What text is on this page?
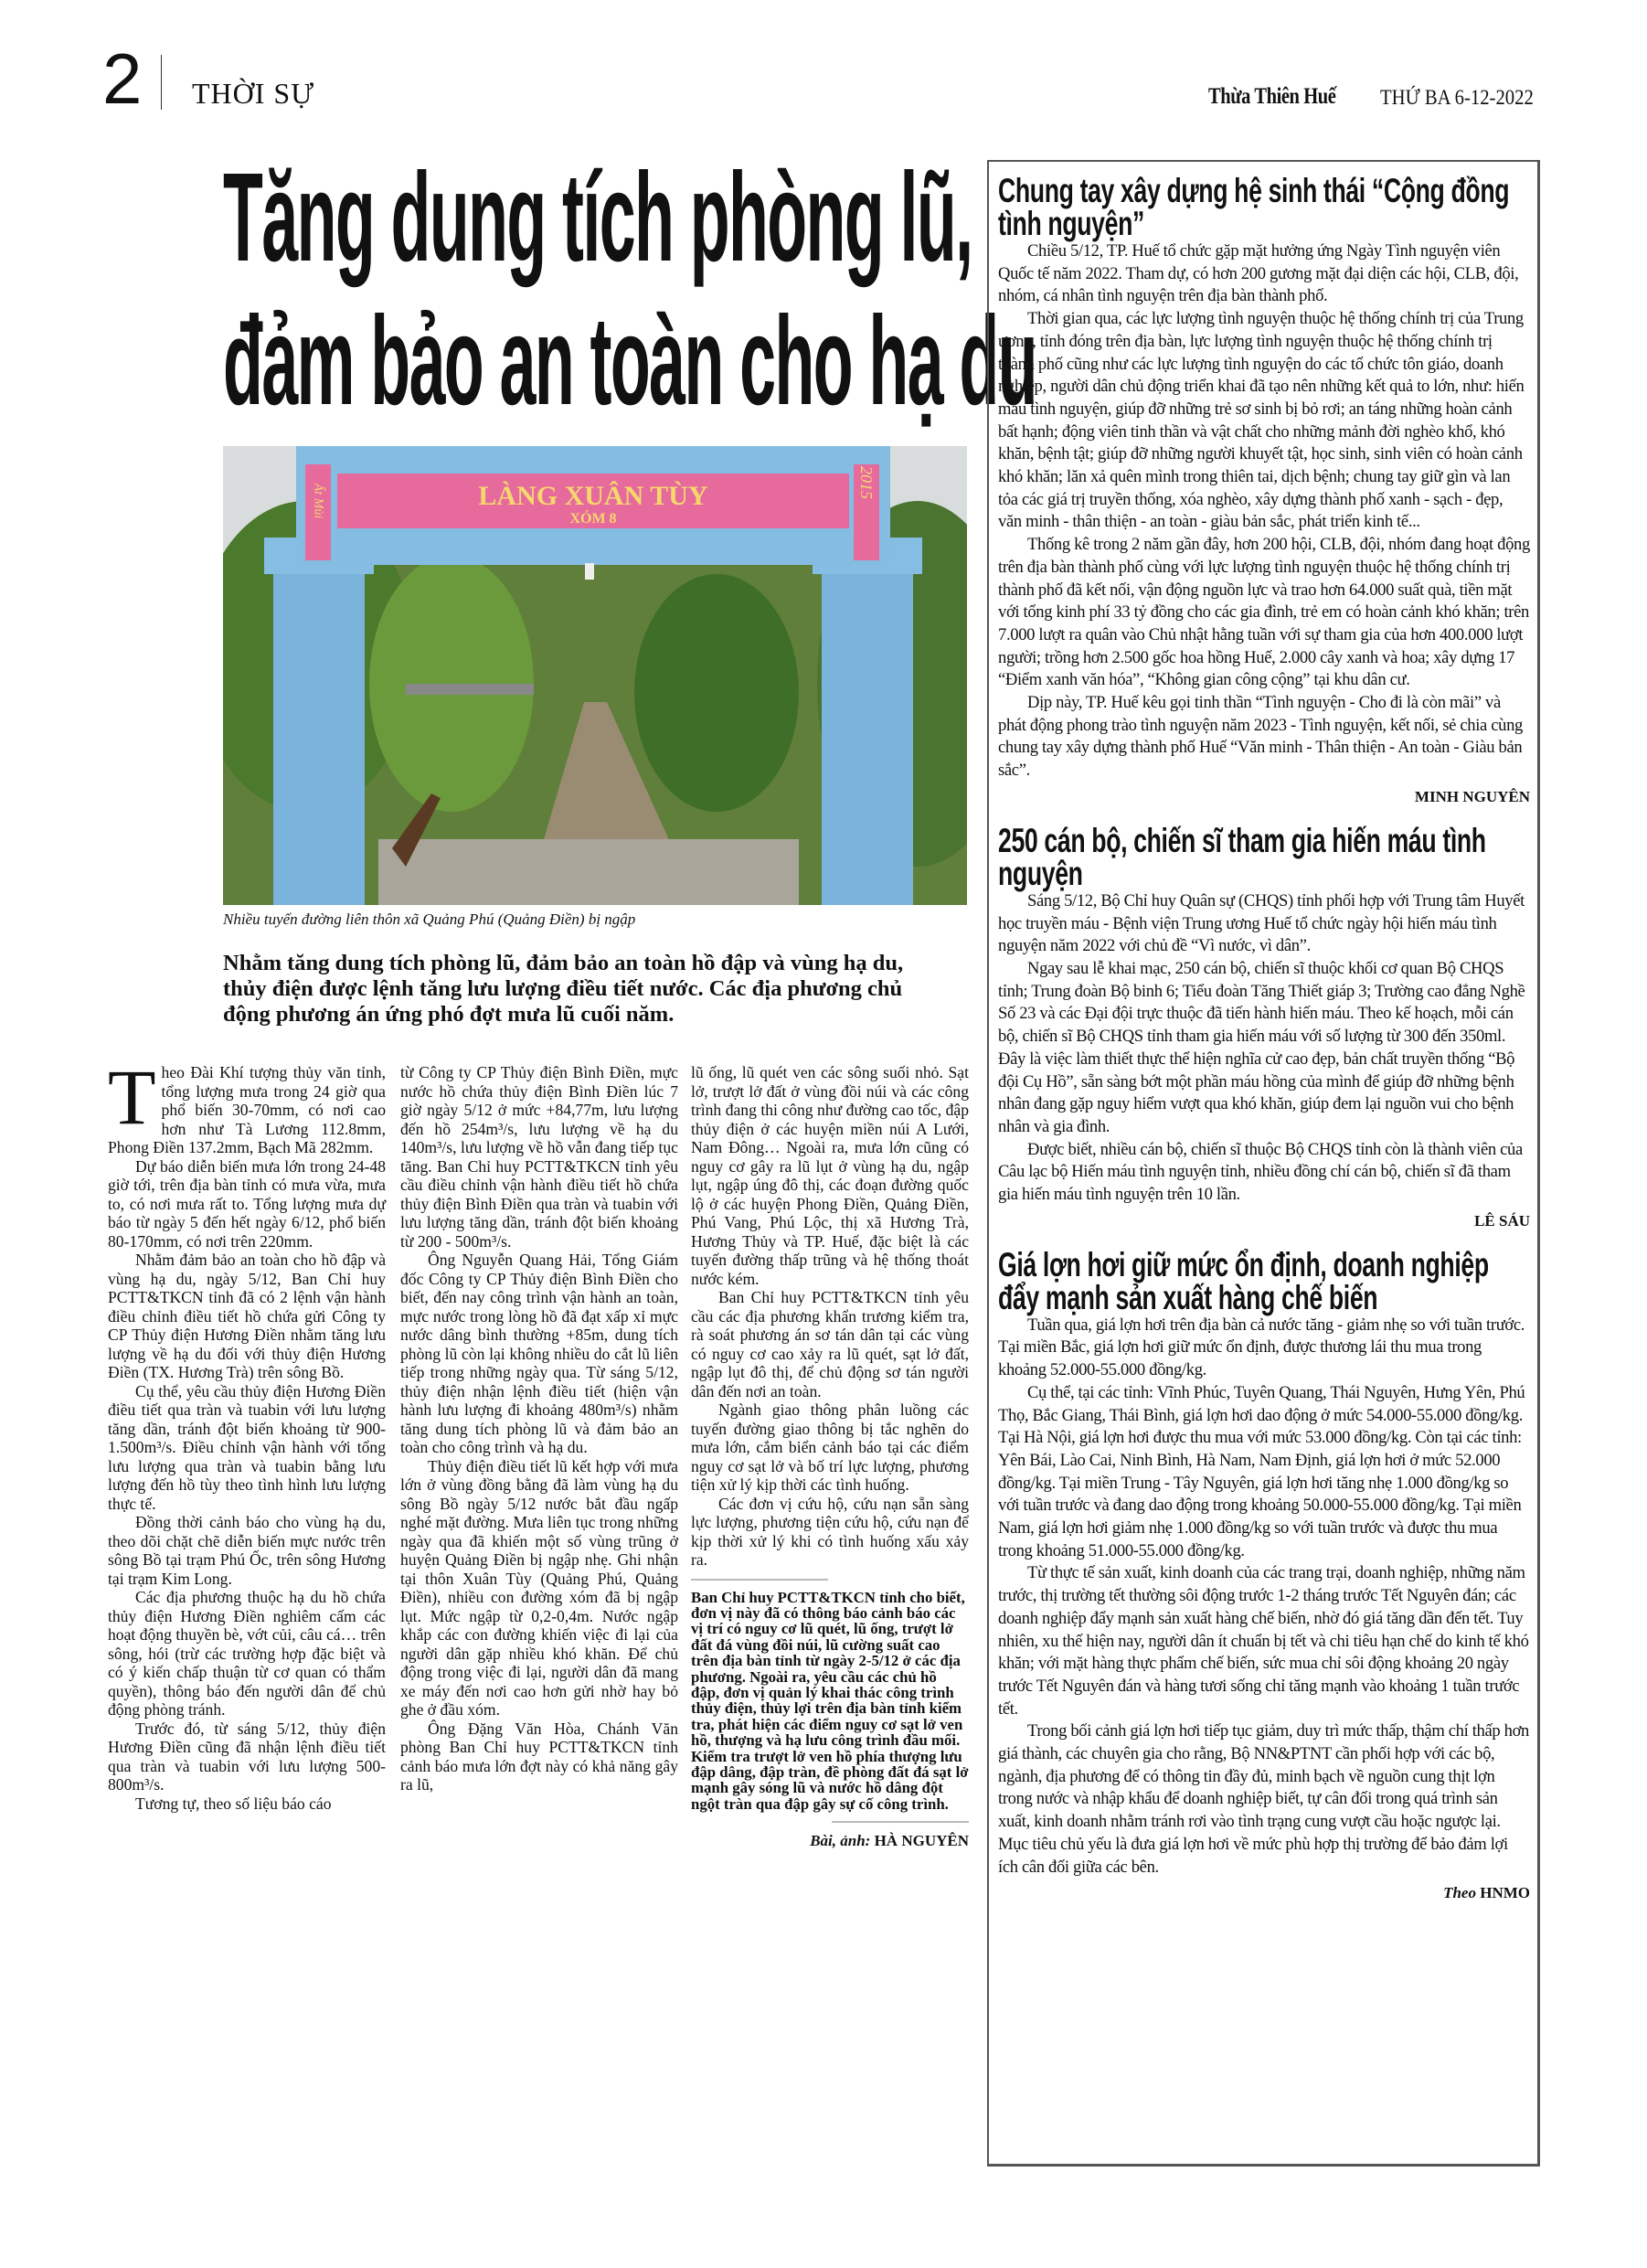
2 THỜI SỰ	Thừa Thiên Huế THỨ BA 6-12-2022
Tăng dung tích phòng lũ,
đảm bảo an toàn cho hạ du
LÀNG XUÂN TÙY
XÓM 8
Ất Mùi
2015
Nhiều tuyến đường liên thôn xã Quảng Phú (Quảng Điền) bị ngập
Nhằm tăng dung tích phòng lũ, đảm bảo an toàn hồ đập và vùng hạ du, thủy điện được lệnh tăng lưu lượng điều tiết nước. Các địa phương chủ động phương án ứng phó đợt mưa lũ cuối năm.

Theo Đài Khí tượng thủy văn tỉnh, tổng lượng mưa trong 24 giờ qua phổ biến 30-70mm, có nơi cao hơn như Tà Lương 112.8mm, Phong Điền 137.2mm, Bạch Mã 282mm.

Dự báo diễn biến mưa lớn trong 24-48 giờ tới, trên địa bàn tỉnh có mưa vừa, mưa to, có nơi mưa rất to. Tổng lượng mưa dự báo từ ngày 5 đến hết ngày 6/12, phổ biến 80-170mm, có nơi trên 220mm.

Nhằm đảm bảo an toàn cho hồ đập và vùng hạ du, ngày 5/12, Ban Chỉ huy PCTT&TKCN tỉnh đã có 2 lệnh vận hành điều chỉnh điều tiết hồ chứa gửi Công ty CP Thủy điện Hương Điền nhằm tăng lưu lượng về hạ du đối với thủy điện Hương Điền (TX. Hương Trà) trên sông Bồ.

Cụ thể, yêu cầu thủy điện Hương Điền điều tiết qua tràn và tuabin với lưu lượng tăng dần, tránh đột biến khoảng từ 900-1.500m³/s. Điều chỉnh vận hành với tổng lưu lượng qua tràn và tuabin bằng lưu lượng đến hồ tùy theo tình hình lưu lượng thực tế.

Đồng thời cảnh báo cho vùng hạ du, theo dõi chặt chẽ diễn biến mực nước trên sông Bồ tại trạm Phú Ốc, trên sông Hương tại trạm Kim Long.

Các địa phương thuộc hạ du hồ chứa thủy điện Hương Điền nghiêm cấm các hoạt động thuyền bè, vớt củi, câu cá… trên sông, hói (trừ các trường hợp đặc biệt và có ý kiến chấp thuận từ cơ quan có thẩm quyền), thông báo đến người dân để chủ động phòng tránh.

Trước đó, từ sáng 5/12, thủy điện Hương Điền cũng đã nhận lệnh điều tiết qua tràn và tuabin với lưu lượng 500- 800m³/s.

Tương tự, theo số liệu báo cáo

từ Công ty CP Thủy điện Bình Điền, mực nước hồ chứa thủy điện Bình Điền lúc 7 giờ ngày 5/12 ở mức +84,77m, lưu lượng đến hồ 254m³/s, lưu lượng về hạ du 140m³/s, lưu lượng về hồ vẫn đang tiếp tục tăng. Ban Chỉ huy PCTT&TKCN tỉnh yêu cầu điều chỉnh vận hành điều tiết hồ chứa thủy điện Bình Điền qua tràn và tuabin với lưu lượng tăng dần, tránh đột biến khoảng từ 200 - 500m³/s.

Ông Nguyễn Quang Hải, Tổng Giám đốc Công ty CP Thủy điện Bình Điền cho biết, đến nay công trình vận hành an toàn, mực nước trong lòng hồ đã đạt xấp xỉ mực nước dâng bình thường +85m, dung tích phòng lũ còn lại không nhiều do cắt lũ liên tiếp trong những ngày qua. Từ sáng 5/12, thủy điện nhận lệnh điều tiết (hiện vận hành lưu lượng đi khoảng 480m³/s) nhằm tăng dung tích phòng lũ và đảm bảo an toàn cho công trình và hạ du.

Thủy điện điều tiết lũ kết hợp với mưa lớn ở vùng đồng bằng đã làm vùng hạ du sông Bồ ngày 5/12 nước bắt đầu ngấp nghé mặt đường. Mưa liên tục trong những ngày qua đã khiến một số vùng trũng ở huyện Quảng Điền bị ngập nhẹ. Ghi nhận tại thôn Xuân Tùy (Quảng Phú, Quảng Điền), nhiều con đường xóm đã bị ngập lụt. Mức ngập từ 0,2-0,4m. Nước ngập khắp các con đường khiến việc đi lại của người dân gặp nhiều khó khăn. Để chủ động trong việc đi lại, người dân đã mang xe máy đến nơi cao hơn gửi nhờ hay bỏ ghe ở đầu xóm.

Ông Đặng Văn Hòa, Chánh Văn phòng Ban Chỉ huy PCTT&TKCN tỉnh cảnh báo mưa lớn đợt này có khả năng gây ra lũ,

lũ ống, lũ quét ven các sông suối nhỏ. Sạt lở, trượt lở đất ở vùng đồi núi và các công trình đang thi công như đường cao tốc, đập thủy điện ở các huyện miền núi A Lưới, Nam Đông… Ngoài ra, mưa lớn cũng có nguy cơ gây ra lũ lụt ở vùng hạ du, ngập lụt, ngập úng đô thị, các đoạn đường quốc lộ ở các huyện Phong Điền, Quảng Điền, Phú Vang, Phú Lộc, thị xã Hương Trà, Hương Thủy và TP. Huế, đặc biệt là các tuyến đường thấp trũng và hệ thống thoát nước kém.

Ban Chỉ huy PCTT&TKCN tỉnh yêu cầu các địa phương khẩn trương kiểm tra, rà soát phương án sơ tán dân tại các vùng có nguy cơ cao xảy ra lũ quét, sạt lở đất, ngập lụt đô thị, để chủ động sơ tán người dân đến nơi an toàn.

Ngành giao thông phân luồng các tuyến đường giao thông bị tắc nghẽn do mưa lớn, cắm biển cảnh báo tại các điểm nguy cơ sạt lở và bố trí lực lượng, phương tiện xử lý kịp thời các tình huống.

Các đơn vị cứu hộ, cứu nạn sẵn sàng lực lượng, phương tiện cứu hộ, cứu nạn để kịp thời xử lý khi có tình huống xấu xảy ra.

Ban Chỉ huy PCTT&TKCN tỉnh cho biết, đơn vị này đã có thông báo cảnh báo các vị trí có nguy cơ lũ quét, lũ ống, trượt lở đất đá vùng đồi núi, lũ cường suất cao trên địa bàn tỉnh từ ngày 2-5/12 ở các địa phương. Ngoài ra, yêu cầu các chủ hồ đập, đơn vị quản lý khai thác công trình thủy điện, thủy lợi trên địa bàn tỉnh kiểm tra, phát hiện các điểm nguy cơ sạt lở ven hồ, thượng và hạ lưu công trình đầu mối. Kiểm tra trượt lở ven hồ phía thượng lưu đập dâng, đập tràn, đề phòng đất đá sạt lở mạnh gây sóng lũ và nước hồ dâng đột ngột tràn qua đập gây sự cố công trình.
Bài, ảnh: HÀ NGUYÊN
Chung tay xây dựng hệ sinh thái “Cộng đồng tình nguyện”

Chiều 5/12, TP. Huế tổ chức gặp mặt hưởng ứng Ngày Tình nguyện viên Quốc tế năm 2022. Tham dự, có hơn 200 gương mặt đại diện các hội, CLB, đội, nhóm, cá nhân tình nguyện trên địa bàn thành phố.

Thời gian qua, các lực lượng tình nguyện thuộc hệ thống chính trị của Trung ương, tỉnh đóng trên địa bàn, lực lượng tình nguyện thuộc hệ thống chính trị thành phố cũng như các lực lượng tình nguyện do các tổ chức tôn giáo, doanh nghiệp, người dân chủ động triển khai đã tạo nên những kết quả to lớn, như: hiến máu tình nguyện, giúp đỡ những trẻ sơ sinh bị bỏ rơi; an táng những hoàn cảnh bất hạnh; động viên tinh thần và vật chất cho những mảnh đời nghèo khổ, khó khăn, bệnh tật; giúp đỡ những người khuyết tật, học sinh, sinh viên có hoàn cảnh khó khăn; lăn xả quên mình trong thiên tai, dịch bệnh; chung tay giữ gìn và lan tỏa các giá trị truyền thống, xóa nghèo, xây dựng thành phố xanh - sạch - đẹp, văn minh - thân thiện - an toàn - giàu bản sắc, phát triển kinh tế...

Thống kê trong 2 năm gần đây, hơn 200 hội, CLB, đội, nhóm đang hoạt động trên địa bàn thành phố cùng với lực lượng tình nguyện thuộc hệ thống chính trị thành phố đã kết nối, vận động nguồn lực và trao hơn 64.000 suất quà, tiền mặt với tổng kinh phí 33 tỷ đồng cho các gia đình, trẻ em có hoàn cảnh khó khăn; trên 7.000 lượt ra quân vào Chủ nhật hằng tuần với sự tham gia của hơn 400.000 lượt người; trồng hơn 2.500 gốc hoa hồng Huế, 2.000 cây xanh và hoa; xây dựng 17 “Điểm xanh văn hóa”, “Không gian công cộng” tại khu dân cư.

Dịp này, TP. Huế kêu gọi tinh thần “Tình nguyện - Cho đi là còn mãi” và phát động phong trào tình nguyện năm 2023 - Tình nguyện, kết nối, sẻ chia cùng chung tay xây dựng thành phố Huế “Văn minh - Thân thiện - An toàn - Giàu bản sắc”.

MINH NGUYÊN
250 cán bộ, chiến sĩ tham gia hiến máu tình nguyện

Sáng 5/12, Bộ Chỉ huy Quân sự (CHQS) tỉnh phối hợp với Trung tâm Huyết học truyền máu - Bệnh viện Trung ương Huế tổ chức ngày hội hiến máu tình nguyện năm 2022 với chủ đề “Vì nước, vì dân”.

Ngay sau lễ khai mạc, 250 cán bộ, chiến sĩ thuộc khối cơ quan Bộ CHQS tỉnh; Trung đoàn Bộ binh 6; Tiểu đoàn Tăng Thiết giáp 3; Trường cao đẳng Nghề Số 23 và các Đại đội trực thuộc đã tiến hành hiến máu. Theo kế hoạch, mỗi cán bộ, chiến sĩ Bộ CHQS tỉnh tham gia hiến máu với số lượng từ 300 đến 350ml. Đây là việc làm thiết thực thể hiện nghĩa cử cao đẹp, bản chất truyền thống “Bộ đội Cụ Hồ”, sẵn sàng bớt một phần máu hồng của mình để giúp đỡ những bệnh nhân đang gặp nguy hiểm vượt qua khó khăn, giúp đem lại nguồn vui cho bệnh nhân và gia đình.

Được biết, nhiều cán bộ, chiến sĩ thuộc Bộ CHQS tỉnh còn là thành viên của Câu lạc bộ Hiến máu tình nguyện tỉnh, nhiều đồng chí cán bộ, chiến sĩ đã tham gia hiến máu tình nguyện trên 10 lần.

LÊ SÁU
Giá lợn hơi giữ mức ổn định, doanh nghiệp đẩy mạnh sản xuất hàng chế biến

Tuần qua, giá lợn hơi trên địa bàn cả nước tăng - giảm nhẹ so với tuần trước. Tại miền Bắc, giá lợn hơi giữ mức ổn định, được thương lái thu mua trong khoảng 52.000-55.000 đồng/kg.

Cụ thể, tại các tỉnh: Vĩnh Phúc, Tuyên Quang, Thái Nguyên, Hưng Yên, Phú Thọ, Bắc Giang, Thái Bình, giá lợn hơi dao động ở mức 54.000-55.000 đồng/kg. Tại Hà Nội, giá lợn hơi được thu mua với mức 53.000 đồng/kg. Còn tại các tỉnh: Yên Bái, Lào Cai, Ninh Bình, Hà Nam, Nam Định, giá lợn hơi ở mức 52.000 đồng/kg. Tại miền Trung - Tây Nguyên, giá lợn hơi tăng nhẹ 1.000 đồng/kg so với tuần trước và đang dao động trong khoảng 50.000-55.000 đồng/kg. Tại miền Nam, giá lợn hơi giảm nhẹ 1.000 đồng/kg so với tuần trước và được thu mua trong khoảng 51.000-55.000 đồng/kg.

Từ thực tế sản xuất, kinh doanh của các trang trại, doanh nghiệp, những năm trước, thị trường tết thường sôi động trước 1-2 tháng trước Tết Nguyên đán; các doanh nghiệp đẩy mạnh sản xuất hàng chế biến, nhờ đó giá tăng dần đến tết. Tuy nhiên, xu thế hiện nay, người dân ít chuẩn bị tết và chi tiêu hạn chế do kinh tế khó khăn; với mặt hàng thực phẩm chế biến, sức mua chỉ sôi động khoảng 20 ngày trước Tết Nguyên đán và hàng tươi sống chỉ tăng mạnh vào khoảng 1 tuần trước tết.

Trong bối cảnh giá lợn hơi tiếp tục giảm, duy trì mức thấp, thậm chí thấp hơn giá thành, các chuyên gia cho rằng, Bộ NN&PTNT cần phối hợp với các bộ, ngành, địa phương để có thông tin đầy đủ, minh bạch về nguồn cung thịt lợn trong nước và nhập khẩu để doanh nghiệp biết, tự cân đối trong quá trình sản xuất, kinh doanh nhằm tránh rơi vào tình trạng cung vượt cầu hoặc ngược lại. Mục tiêu chủ yếu là đưa giá lợn hơi về mức phù hợp thị trường để bảo đảm lợi ích cân đối giữa các bên.

Theo HNMO
